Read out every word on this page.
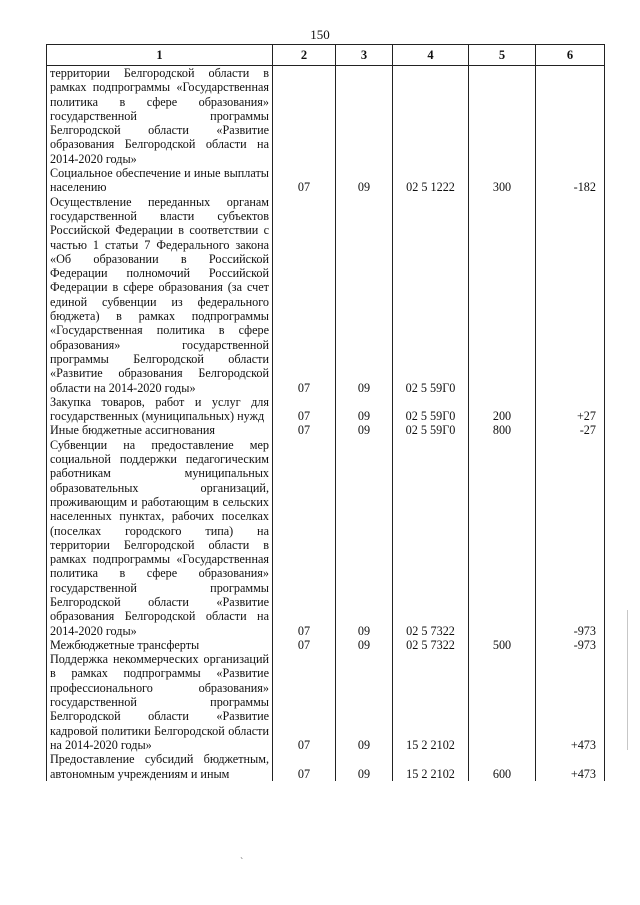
150
1	2	3	4	5	6
территории Белгородской области в рамках подпрограммы «Государственная политика в сфере образования» государственной программы Белгородской области «Развитие образования Белгородской области на 2014-2020 годы»					
Социальное обеспечение и иные выплаты населению	07	09	02 5 1222	300	-182
Осуществление переданных органам государственной власти субъектов Российской Федерации в соответствии с частью 1 статьи 7 Федерального закона «Об образовании в Российской Федерации полномочий Российской Федерации в сфере образования (за счет единой субвенции из федерального бюджета) в рамках подпрограммы «Государственная политика в сфере образования» государственной программы Белгородской области «Развитие образования Белгородской области на 2014-2020 годы»	07	09	02 5 59Г0		
Закупка товаров, работ и услуг для государственных (муниципальных) нужд	07	09	02 5 59Г0	200	+27
Иные бюджетные ассигнования	07	09	02 5 59Г0	800	-27
Субвенции на предоставление мер социальной поддержки педагогическим работникам муниципальных образовательных организаций, проживающим и работающим в сельских населенных пунктах, рабочих поселках (поселках городского типа) на территории Белгородской области в рамках подпрограммы «Государственная политика в сфере образования» государственной программы Белгородской области «Развитие образования Белгородской области на 2014-2020 годы»	07	09	02 5 7322		-973
Межбюджетные трансферты	07	09	02 5 7322	500	-973
Поддержка некоммерческих организаций в рамках подпрограммы «Развитие профессионального образования» государственной программы Белгородской области «Развитие кадровой политики Белгородской области на 2014-2020 годы»	07	09	15 2 2102		+473
Предоставление субсидий бюджетным, автономным учреждениям и иным	07	09	15 2 2102	600	+473
`
